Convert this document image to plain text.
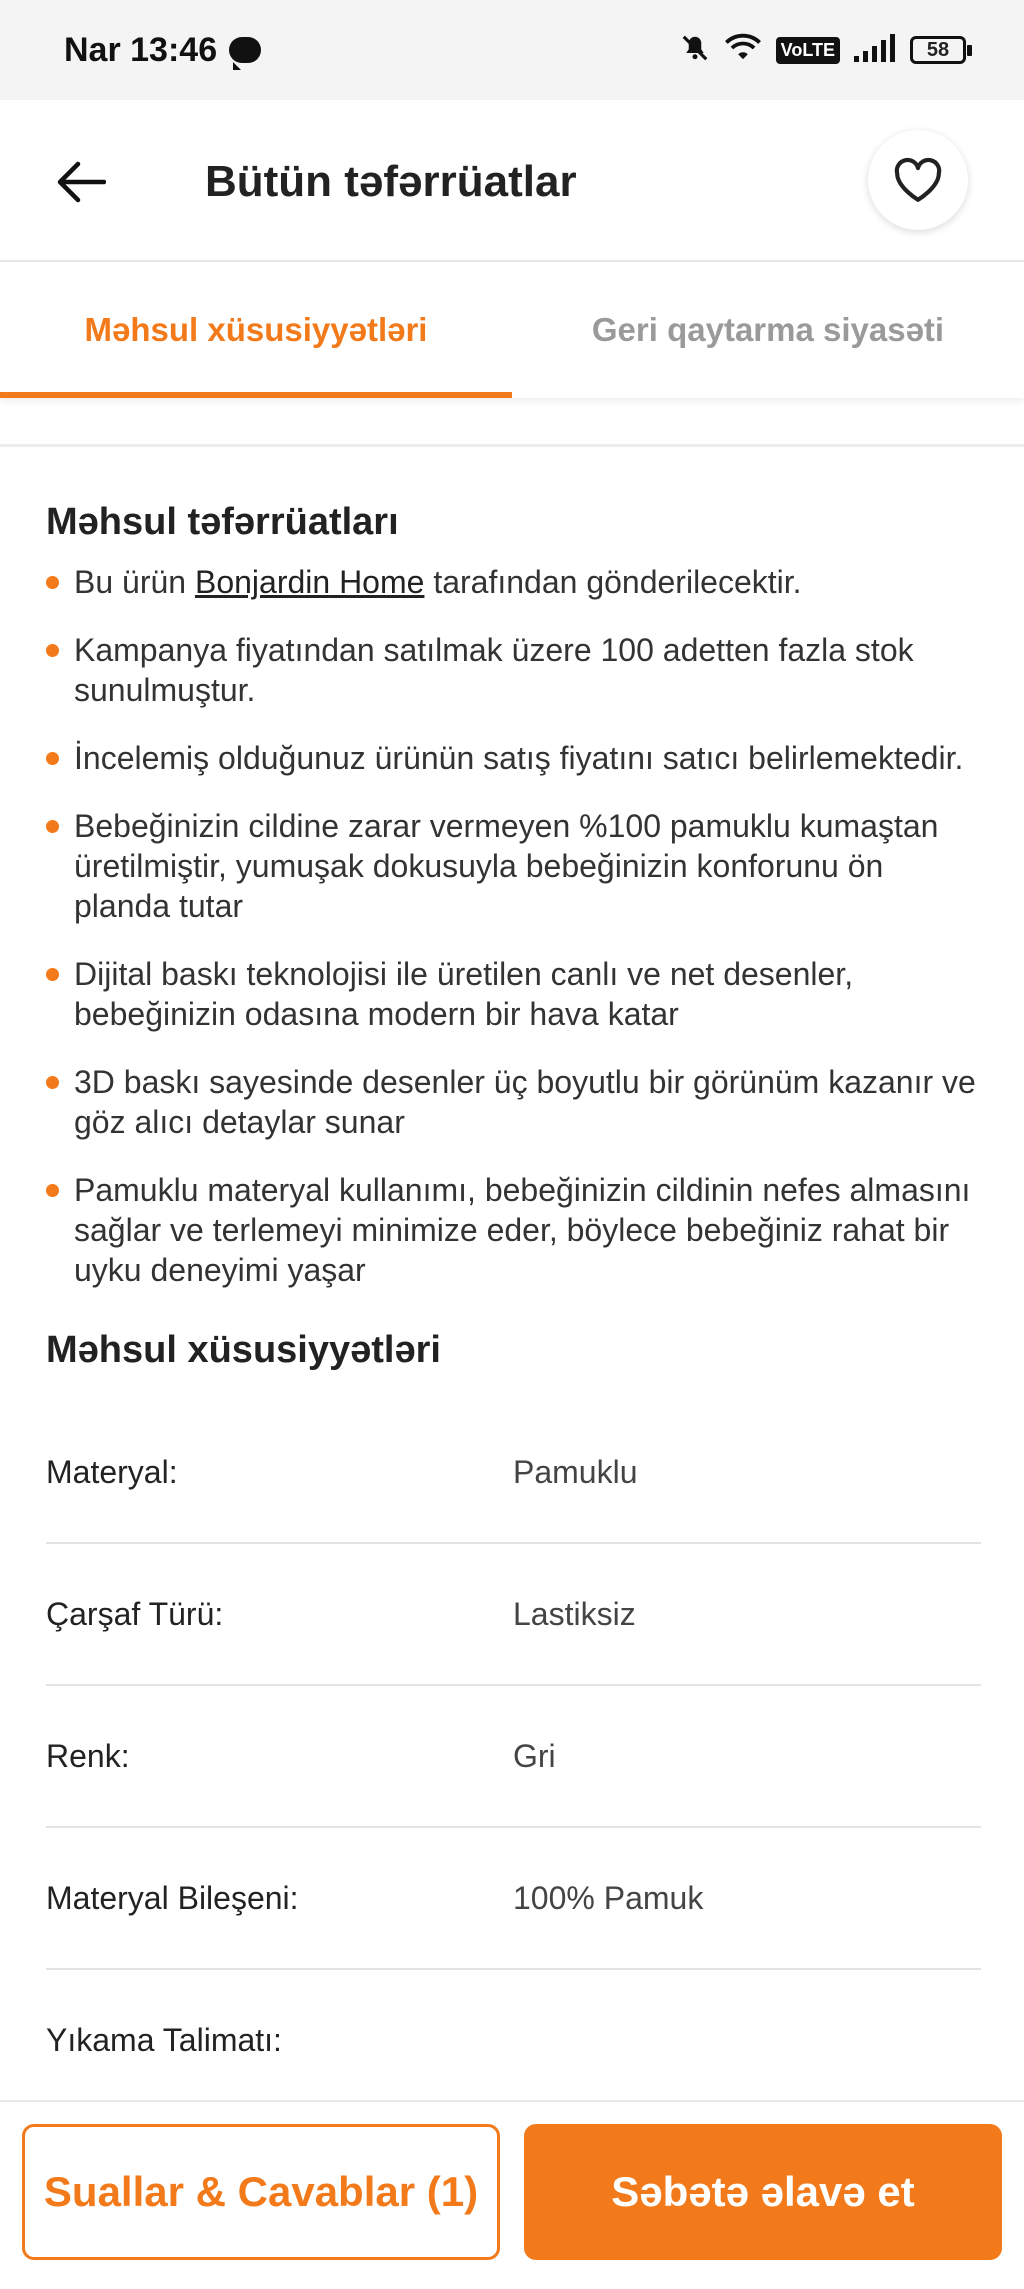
Nar 13:46	VoLTE	58
Bütün təfərrüatlar
Məhsul xüsusiyyətləri	Geri qaytarma siyasəti
Məhsul təfərrüatları
Bu ürün Bonjardin Home tarafından gönderilecektir.
Kampanya fiyatından satılmak üzere 100 adetten fazla stok sunulmuştur.
İncelemiş olduğunuz ürünün satış fiyatını satıcı belirlemektedir.
Bebeğinizin cildine zarar vermeyen %100 pamuklu kumaştan üretilmiştir, yumuşak dokusuyla bebeğinizin konforunu ön planda tutar
Dijital baskı teknolojisi ile üretilen canlı ve net desenler, bebeğinizin odasına modern bir hava katar
3D baskı sayesinde desenler üç boyutlu bir görünüm kazanır ve göz alıcı detaylar sunar
Pamuklu materyal kullanımı, bebeğinizin cildinin nefes almasını sağlar ve terlemeyi minimize eder, böylece bebeğiniz rahat bir uyku deneyimi yaşar
Məhsul xüsusiyyətləri
Materyal:	Pamuklu
Çarşaf Türü:	Lastiksiz
Renk:	Gri
Materyal Bileşeni:	100% Pamuk
Yıkama Talimatı:
Suallar & Cavablar (1)	Səbətə əlavə et
